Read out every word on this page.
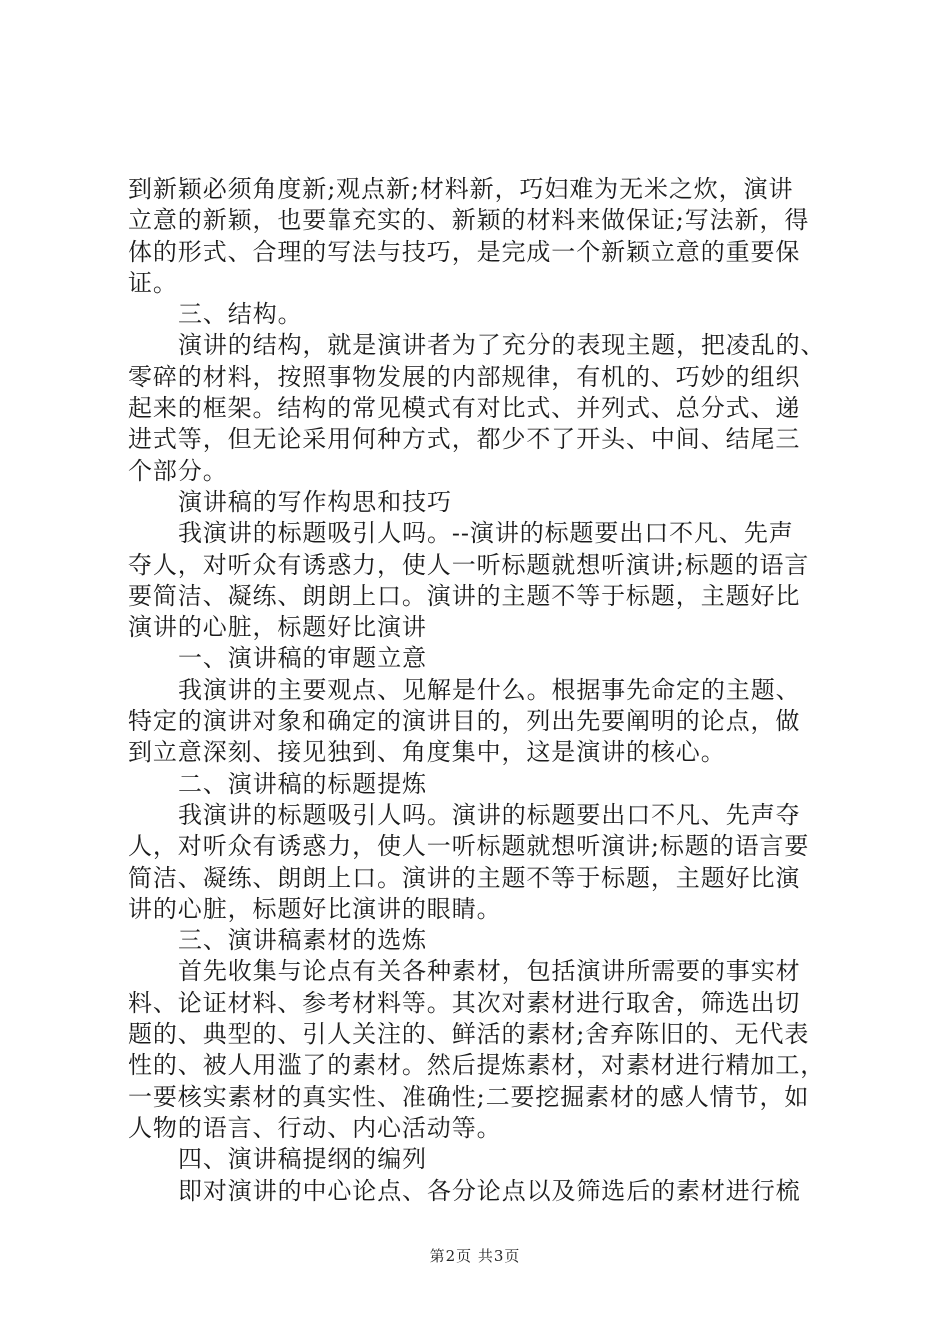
到新颖必须角度新;观点新;材料新，巧妇难为无米之炊，演讲
立意的新颖，也要靠充实的、新颖的材料来做保证;写法新，得
体的形式、合理的写法与技巧，是完成一个新颖立意的重要保
证。
三、结构。
演讲的结构，就是演讲者为了充分的表现主题，把凌乱的、
零碎的材料，按照事物发展的内部规律，有机的、巧妙的组织
起来的框架。结构的常见模式有对比式、并列式、总分式、递
进式等，但无论采用何种方式，都少不了开头、中间、结尾三
个部分。
演讲稿的写作构思和技巧
我演讲的标题吸引人吗。--演讲的标题要出口不凡、先声
夺人，对听众有诱惑力，使人一听标题就想听演讲;标题的语言
要简洁、凝练、朗朗上口。演讲的主题不等于标题，主题好比
演讲的心脏，标题好比演讲
一、演讲稿的审题立意
我演讲的主要观点、见解是什么。根据事先命定的主题、
特定的演讲对象和确定的演讲目的，列出先要阐明的论点，做
到立意深刻、接见独到、角度集中，这是演讲的核心。
二、演讲稿的标题提炼
我演讲的标题吸引人吗。演讲的标题要出口不凡、先声夺
人，对听众有诱惑力，使人一听标题就想听演讲;标题的语言要
简洁、凝练、朗朗上口。演讲的主题不等于标题，主题好比演
讲的心脏，标题好比演讲的眼睛。
三、演讲稿素材的选炼
首先收集与论点有关各种素材，包括演讲所需要的事实材
料、论证材料、参考材料等。其次对素材进行取舍，筛选出切
题的、典型的、引人关注的、鲜活的素材;舍弃陈旧的、无代表
性的、被人用滥了的素材。然后提炼素材，对素材进行精加工，
一要核实素材的真实性、准确性;二要挖掘素材的感人情节，如
人物的语言、行动、内心活动等。
四、演讲稿提纲的编列
即对演讲的中心论点、各分论点以及筛选后的素材进行梳
第2页 共3页
